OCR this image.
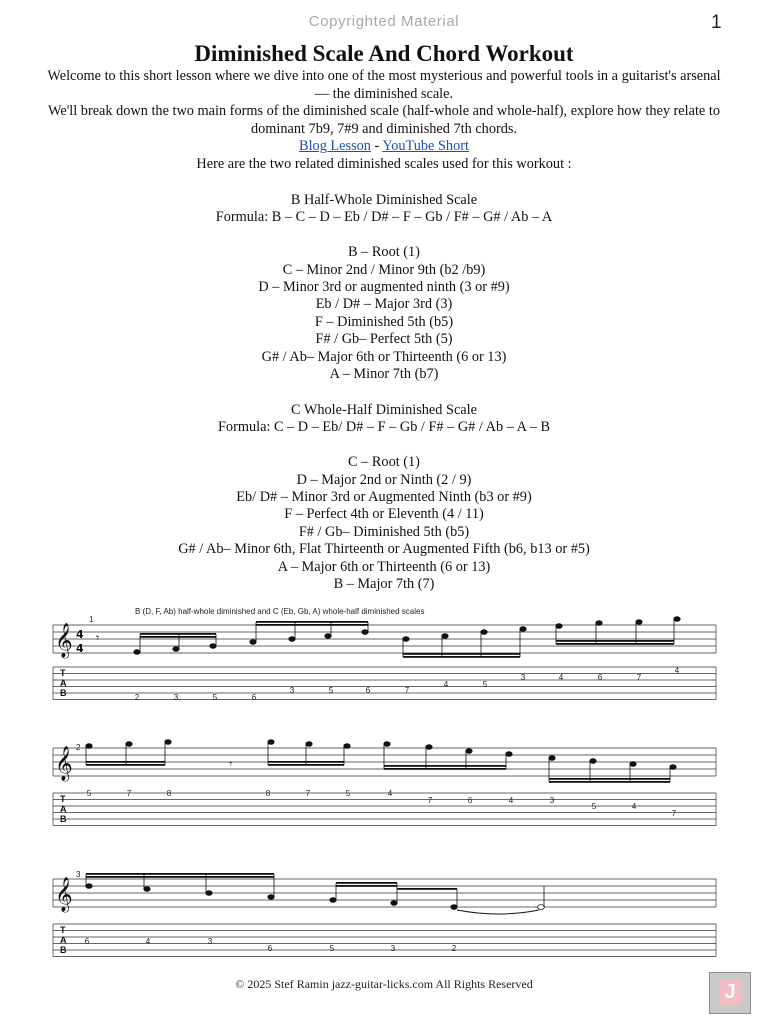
Copyrighted Material	1
Diminished Scale And Chord Workout

Welcome to this short lesson where we dive into one of the most mysterious and powerful tools in a guitarist's arsenal — the diminished scale.

We'll break down the two main forms of the diminished scale (half-whole and whole-half), explore how they relate to dominant 7b9, 7#9 and diminished 7th chords.

Blog Lesson - YouTube Short

Here are the two related diminished scales used for this workout :

B Half-Whole Diminished Scale

Formula: B – C – D – Eb / D# – F – Gb / F# – G# / Ab – A

B – Root (1)

C – Minor 2nd / Minor 9th (b2 /b9)

D – Minor 3rd or augmented ninth (3 or #9)

Eb / D# – Major 3rd (3)

F – Diminished 5th (b5)

F# / Gb– Perfect 5th (5)

G# / Ab– Major 6th or Thirteenth (6 or 13)

A – Minor 7th (b7)

C Whole-Half Diminished Scale

Formula: C – D – Eb/ D# – F – Gb / F# – G# / Ab – A – B

C – Root (1)

D – Major 2nd or Ninth (2 / 9)

Eb/ D# – Minor 3rd or Augmented Ninth (b3 or #9)

F – Perfect 4th or Eleventh (4 / 11)

F# / Gb– Diminished 5th (b5)

G# / Ab– Minor 6th, Flat Thirteenth or Augmented Fifth (b6, b13 or #5)

A – Major 6th or Thirteenth (6 or 13)

B – Major 7th (7)

B (D, F, Ab) half-whole diminished and C (Eb, Gb, A) whole-half diminished scales
𝄞
1
4
4
𝄾
T
A
B	2	3	5	6
3	5	6	7
4	5
3	4	6	7
4
𝄞 2
T
A
B
𝄾
5	7	8	8	7	5	4
7	6	4	3
5	4
7
𝄞
3
T
A
B
6	4	3
6	5	3	2
© 2025 Stef Ramin jazz-guitar-licks.com All Rights Reserved	J
